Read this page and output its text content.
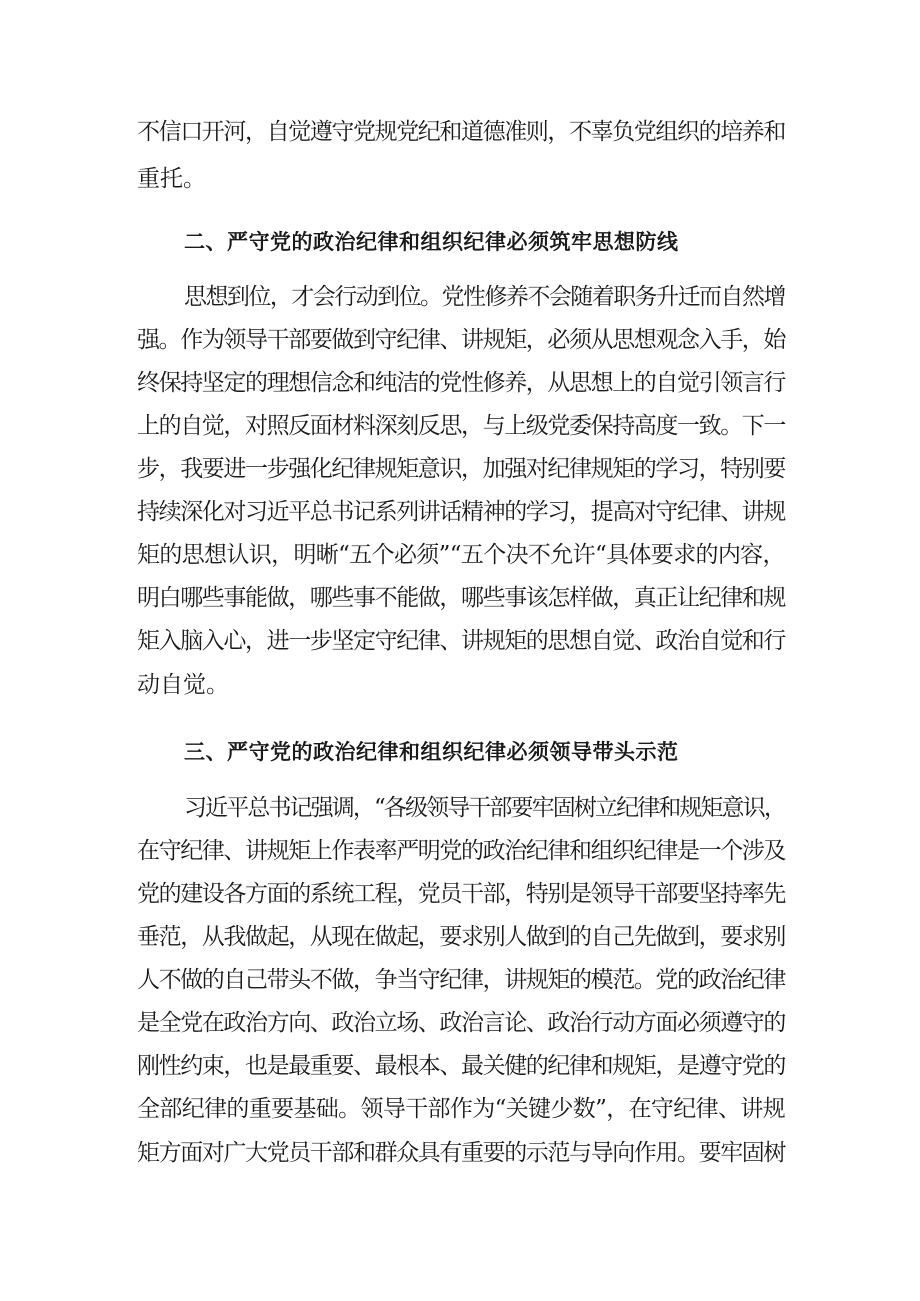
不信口开河，自觉遵守党规党纪和道德准则，不辜负党组织的培养和
重托。
二、严守党的政治纪律和组织纪律必须筑牢思想防线
思想到位，才会行动到位。党性修养不会随着职务升迁而自然增
强。作为领导干部要做到守纪律、讲规矩，必须从思想观念入手，始
终保持坚定的理想信念和纯洁的党性修养，从思想上的自觉引领言行
上的自觉，对照反面材料深刻反思，与上级党委保持高度一致。下一
步，我要进一步强化纪律规矩意识，加强对纪律规矩的学习，特别要
持续深化对习近平总书记系列讲话精神的学习，提高对守纪律、讲规
矩的思想认识，明晰“五个必须”“五个决不允许“具体要求的内容，
明白哪些事能做，哪些事不能做，哪些事该怎样做，真正让纪律和规
矩入脑入心，进一步坚定守纪律、讲规矩的思想自觉、政治自觉和行
动自觉。
三、严守党的政治纪律和组织纪律必须领导带头示范
习近平总书记强调，“各级领导干部要牢固树立纪律和规矩意识，
在守纪律、讲规矩上作表率严明党的政治纪律和组织纪律是一个涉及
党的建设各方面的系统工程，党员干部，特别是领导干部要坚持率先
垂范，从我做起，从现在做起，要求别人做到的自己先做到，要求别
人不做的自己带头不做，争当守纪律，讲规矩的模范。党的政治纪律
是全党在政治方向、政治立场、政治言论、政治行动方面必须遵守的
刚性约束，也是最重要、最根本、最关健的纪律和规矩，是遵守党的
全部纪律的重要基础。领导干部作为“关键少数”，在守纪律、讲规
矩方面对广大党员干部和群众具有重要的示范与导向作用。要牢固树
